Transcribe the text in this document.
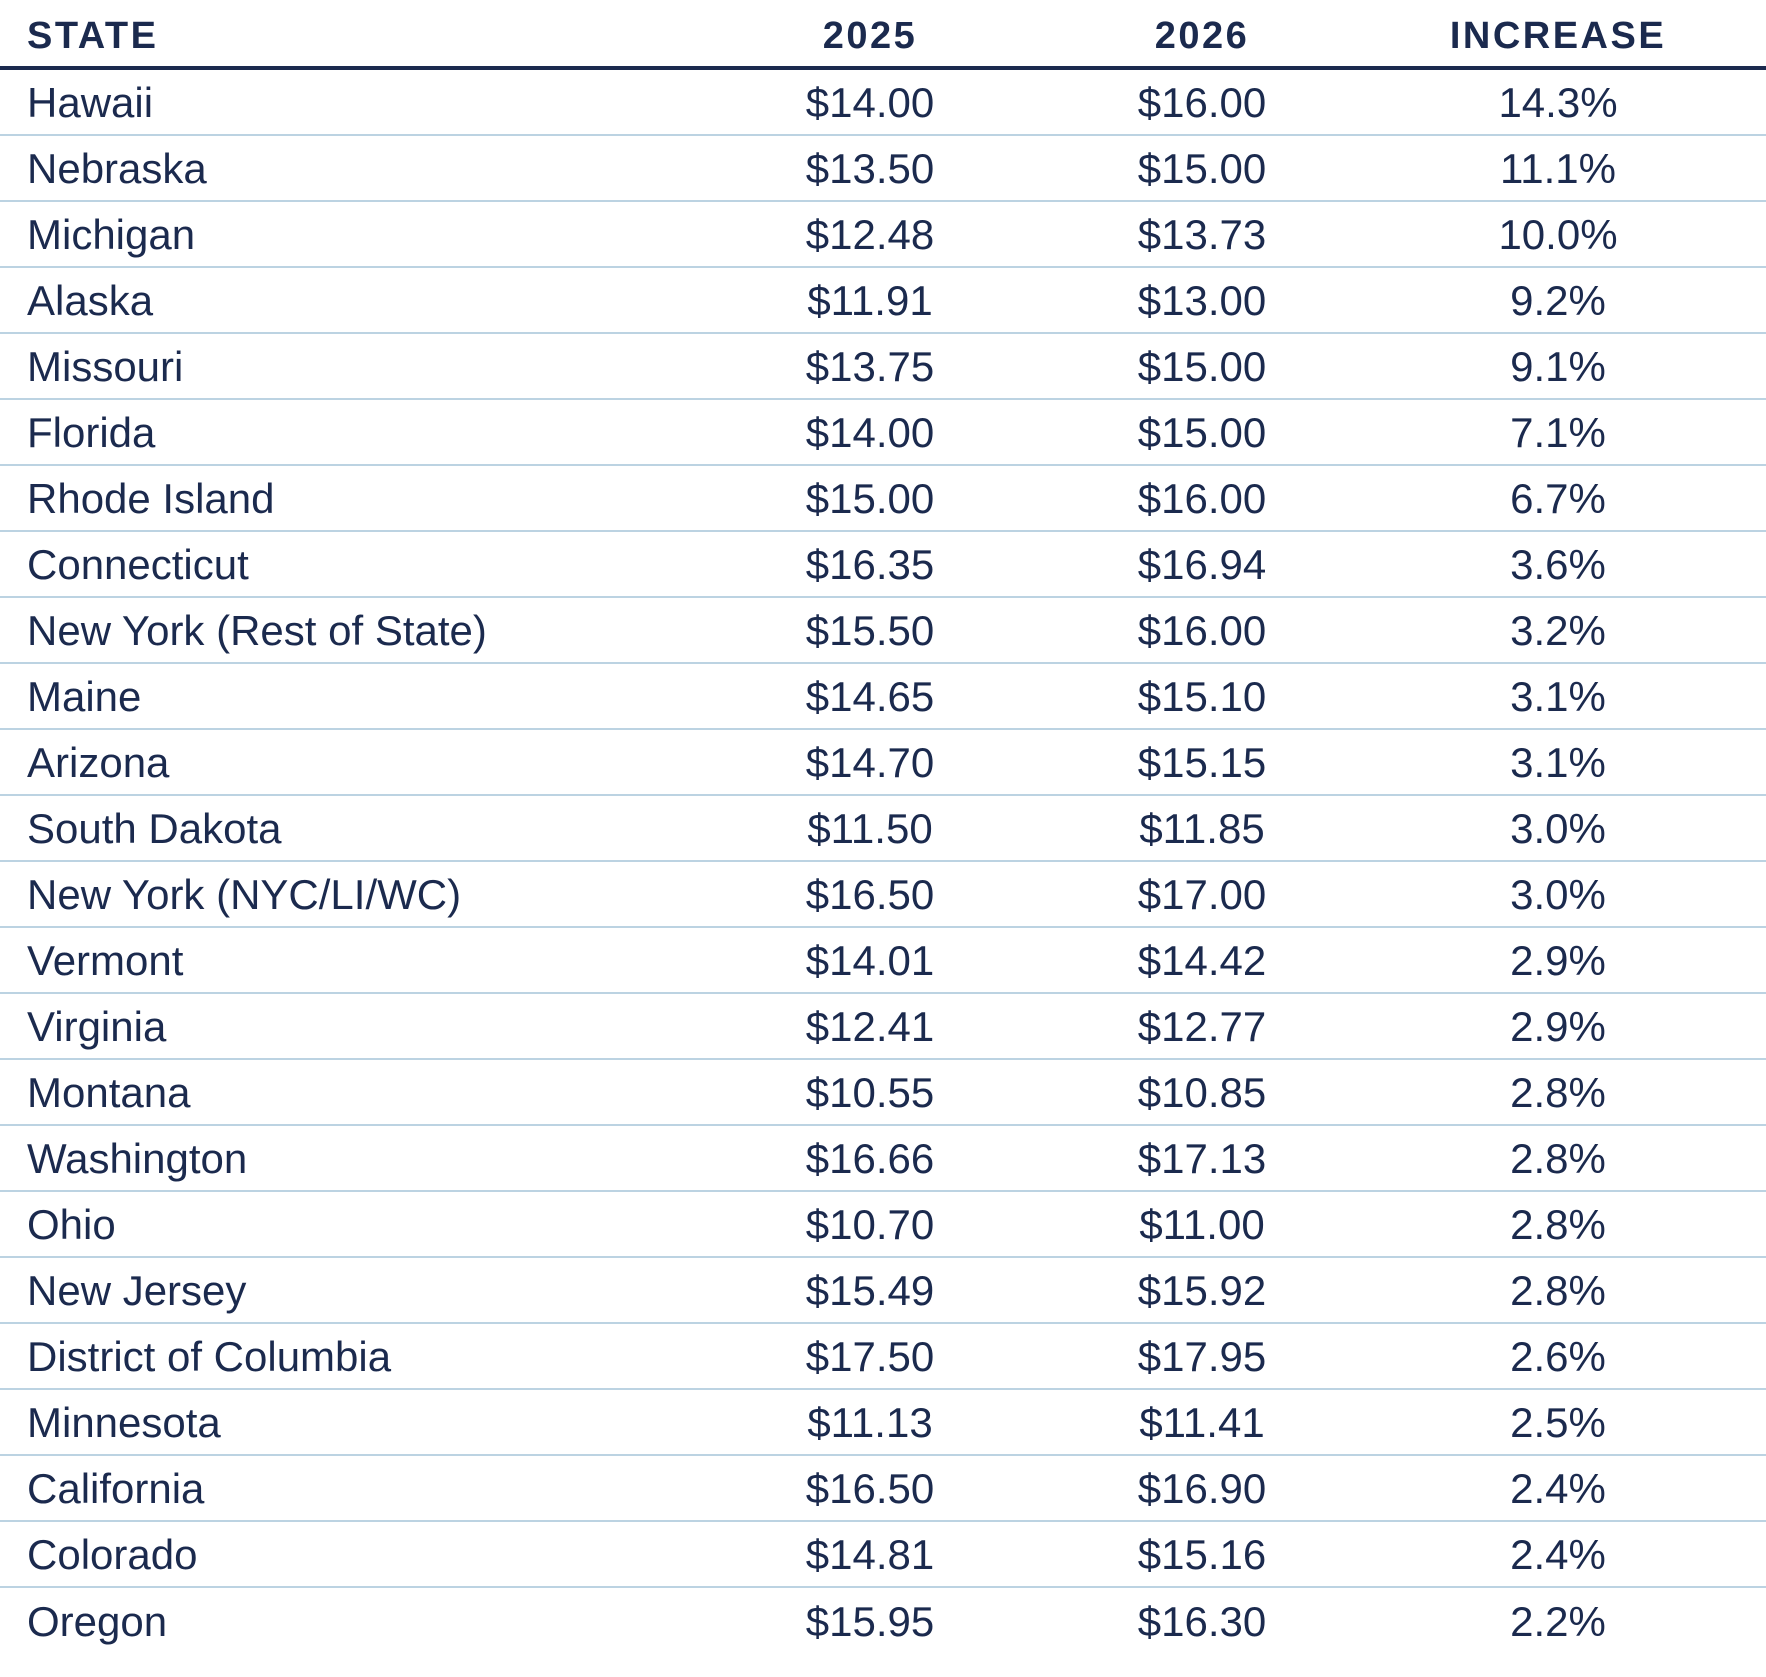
STATE	2025	2026	INCREASE
Hawaii	$14.00	$16.00	14.3%
Nebraska	$13.50	$15.00	11.1%
Michigan	$12.48	$13.73	10.0%
Alaska	$11.91	$13.00	9.2%
Missouri	$13.75	$15.00	9.1%
Florida	$14.00	$15.00	7.1%
Rhode Island	$15.00	$16.00	6.7%
Connecticut	$16.35	$16.94	3.6%
New York (Rest of State)	$15.50	$16.00	3.2%
Maine	$14.65	$15.10	3.1%
Arizona	$14.70	$15.15	3.1%
South Dakota	$11.50	$11.85	3.0%
New York (NYC/LI/WC)	$16.50	$17.00	3.0%
Vermont	$14.01	$14.42	2.9%
Virginia	$12.41	$12.77	2.9%
Montana	$10.55	$10.85	2.8%
Washington	$16.66	$17.13	2.8%
Ohio	$10.70	$11.00	2.8%
New Jersey	$15.49	$15.92	2.8%
District of Columbia	$17.50	$17.95	2.6%
Minnesota	$11.13	$11.41	2.5%
California	$16.50	$16.90	2.4%
Colorado	$14.81	$15.16	2.4%
Oregon	$15.95	$16.30	2.2%
